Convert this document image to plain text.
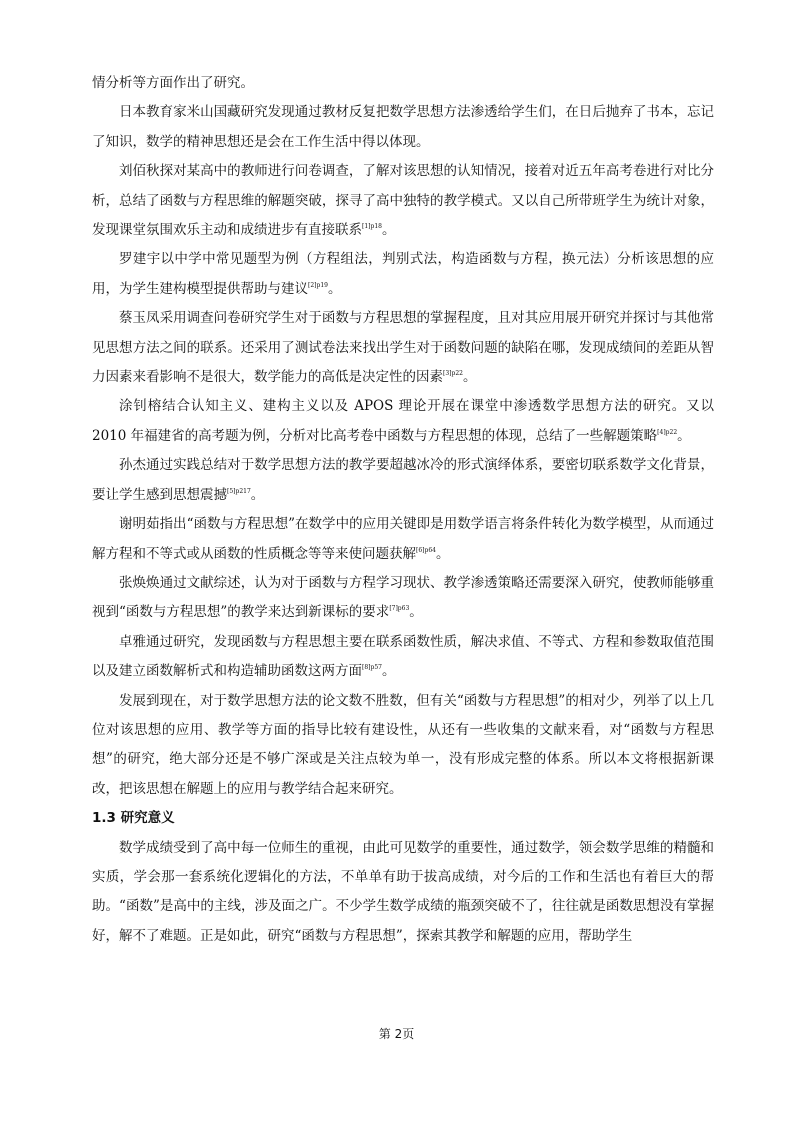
情分析等方面作出了研究。

日本教育家米山国藏研究发现通过教材反复把数学思想方法渗透给学生们，在日后抛弃了书本，忘记了知识，数学的精神思想还是会在工作生活中得以体现。

刘佰秋探对某高中的教师进行问卷调查，了解对该思想的认知情况，接着对近五年高考卷进行对比分析，总结了函数与方程思维的解题突破，探寻了高中独特的教学模式。又以自己所带班学生为统计对象，发现课堂氛围欢乐主动和成绩进步有直接联系$^{[1]p18}$。

罗建宇以中学中常见题型为例（方程组法，判别式法，构造函数与方程，换元法）分析该思想的应用，为学生建构模型提供帮助与建议$^{[2]p19}$。

蔡玉凤采用调查问卷研究学生对于函数与方程思想的掌握程度，且对其应用展开研究并探讨与其他常见思想方法之间的联系。还采用了测试卷法来找出学生对于函数问题的缺陷在哪，发现成绩间的差距从智力因素来看影响不是很大，数学能力的高低是决定性的因素$^{[3]p22}$。

涂钊榕结合认知主义、建构主义以及 APOS 理论开展在课堂中渗透数学思想方法的研究。又以 2010 年福建省的高考题为例，分析对比高考卷中函数与方程思想的体现，总结了一些解题策略$^{[4]p22}$。

孙杰通过实践总结对于数学思想方法的教学要超越冰冷的形式演绎体系，要密切联系数学文化背景，要让学生感到思想震撼$^{[5]p217}$。

谢明茹指出“函数与方程思想”在数学中的应用关键即是用数学语言将条件转化为数学模型，从而通过解方程和不等式或从函数的性质概念等等来使问题获解$^{[6]p64}$。

张焕焕通过文献综述，认为对于函数与方程学习现状、教学渗透策略还需要深入研究，使教师能够重视到“函数与方程思想”的教学来达到新课标的要求$^{[7]p63}$。

卓雅通过研究，发现函数与方程思想主要在联系函数性质，解决求值、不等式、方程和参数取值范围以及建立函数解析式和构造辅助函数这两方面$^{[8]p57}$。

发展到现在，对于数学思想方法的论文数不胜数，但有关“函数与方程思想”的相对少，列举了以上几位对该思想的应用、教学等方面的指导比较有建设性，从还有一些收集的文献来看，对“函数与方程思想”的研究，绝大部分还是不够广深或是关注点较为单一，没有形成完整的体系。所以本文将根据新课改，把该思想在解题上的应用与教学结合起来研究。

1.3 研究意义

数学成绩受到了高中每一位师生的重视，由此可见数学的重要性，通过数学，领会数学思维的精髓和实质，学会那一套系统化逻辑化的方法，不单单有助于拔高成绩，对今后的工作和生活也有着巨大的帮助。“函数”是高中的主线，涉及面之广。不少学生数学成绩的瓶颈突破不了，往往就是函数思想没有掌握好，解不了难题。正是如此，研究“函数与方程思想”，探索其教学和解题的应用，帮助学生

第 2页
